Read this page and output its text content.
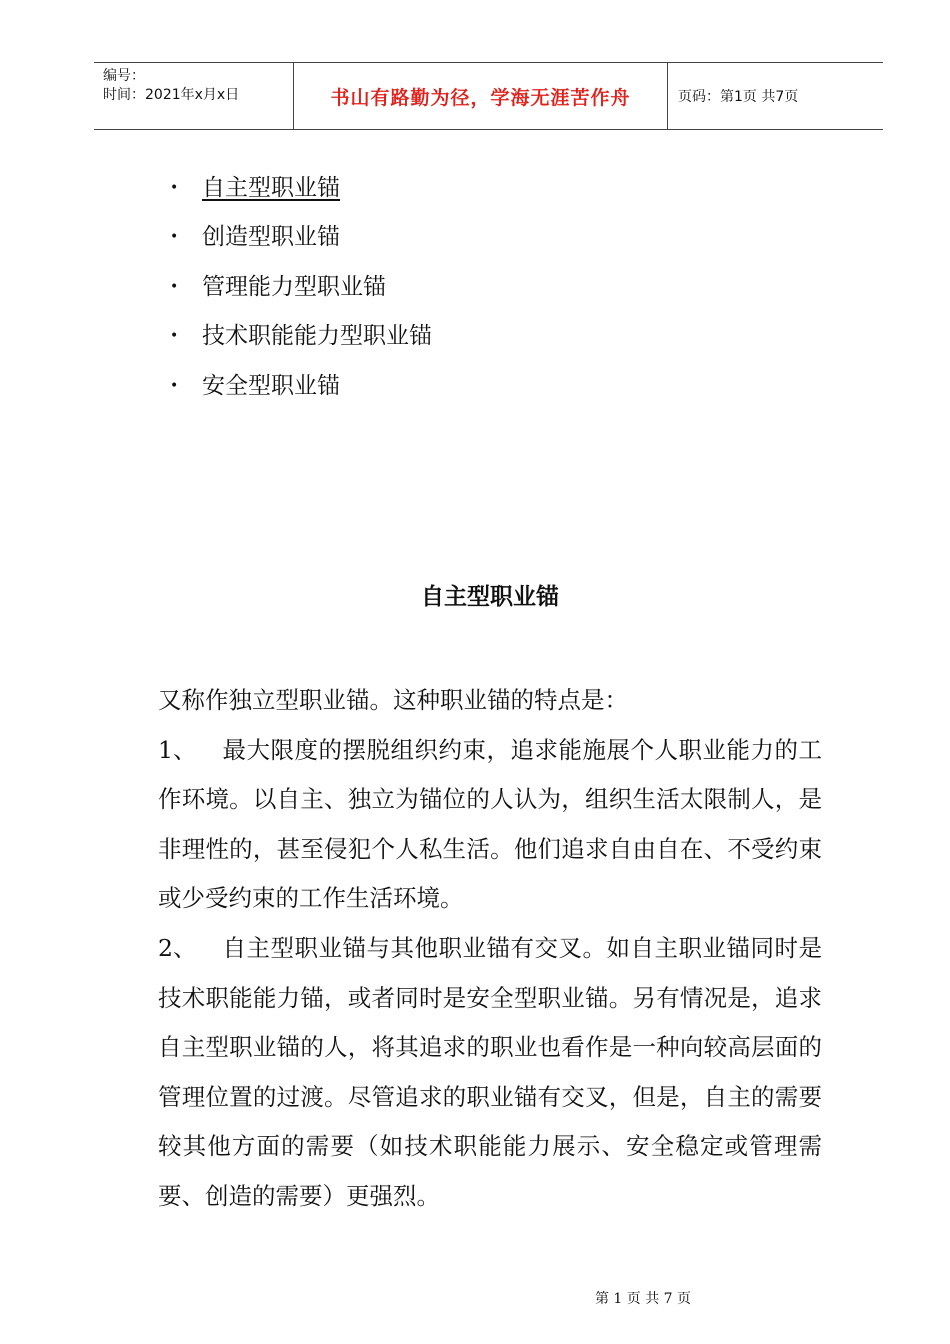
编号：
时间：2021年x月x日	书山有路勤为径，学海无涯苦作舟	页码：第1页 共7页
•	自主型职业锚
•	创造型职业锚
•	管理能力型职业锚
•	技术职能能力型职业锚
•	安全型职业锚
自主型职业锚

又称作独立型职业锚。这种职业锚的特点是：

1、 最大限度的摆脱组织约束，追求能施展个人职业能力的工作环境。以自主、独立为锚位的人认为，组织生活太限制人，是非理性的，甚至侵犯个人私生活。他们追求自由自在、不受约束或少受约束的工作生活环境。

2、 自主型职业锚与其他职业锚有交叉。如自主职业锚同时是技术职能能力锚，或者同时是安全型职业锚。另有情况是，追求自主型职业锚的人，将其追求的职业也看作是一种向较高层面的管理位置的过渡。尽管追求的职业锚有交叉，但是，自主的需要较其他方面的需要（如技术职能能力展示、安全稳定或管理需要、创造的需要）更强烈。

第 1 页 共 7 页
